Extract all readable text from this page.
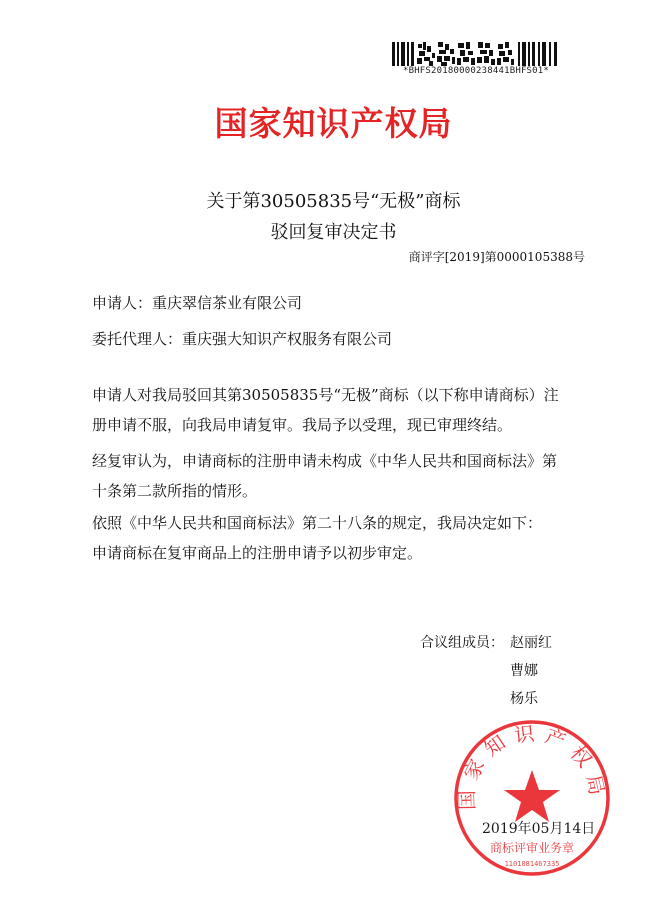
*BHFS20180000238441BHFS01*
国家知识产权局
关于第30505835号“无极”商标
驳回复审决定书
商评字[2019]第0000105388号
申请人：重庆翠信茶业有限公司
委托代理人：重庆强大知识产权服务有限公司
申请人对我局驳回其第30505835号“无极”商标（以下称申请商标）注
册申请不服，向我局申请复审。我局予以受理，现已审理终结。
经复审认为，申请商标的注册申请未构成《中华人民共和国商标法》第
十条第二款所指的情形。
依照《中华人民共和国商标法》第二十八条的规定，我局决定如下：
申请商标在复审商品上的注册申请予以初步审定。
合议组成员： 赵丽红
曹娜
杨乐
国家知识产权局
商标评审业务章
1101081467335
2019年05月14日
